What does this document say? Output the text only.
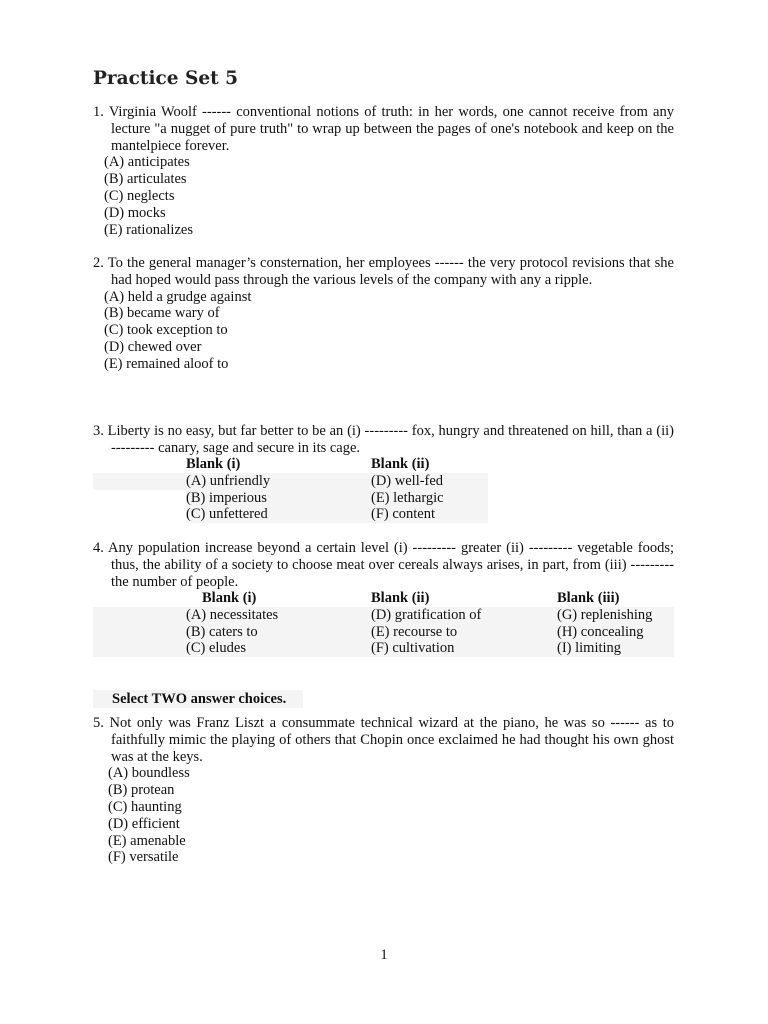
Practice Set 5
1. Virginia Woolf ------ conventional notions of truth: in her words, one cannot receive from any lecture "a nugget of pure truth" to wrap up between the pages of one's notebook and keep on the mantelpiece forever.
(A) anticipates
(B) articulates
(C) neglects
(D) mocks
(E) rationalizes
2. To the general manager’s consternation, her employees ------ the very protocol revisions that she had hoped would pass through the various levels of the company with any a ripple.
(A) held a grudge against
(B) became wary of
(C) took exception to
(D) chewed over
(E) remained aloof to
3. Liberty is no easy, but far better to be an (i) --------- fox, hungry and threatened on hill, than a (ii) --------- canary, sage and secure in its cage.
	Blank (i)	Blank (ii)
	(A) unfriendly	(D) well-fed
	(B) imperious	(E) lethargic
	(C) unfettered	(F) content
4. Any population increase beyond a certain level (i) --------- greater (ii) --------- vegetable foods; thus, the ability of a society to choose meat over cereals always arises, in part, from (iii) --------- the number of people.
	Blank (i)	Blank (ii)	Blank (iii)
	(A) necessitates	(D) gratification of	(G) replenishing
	(B) caters to	(E) recourse to	(H) concealing
	(C) eludes	(F) cultivation	(I) limiting
Select TWO answer choices.
5. Not only was Franz Liszt a consummate technical wizard at the piano, he was so ------ as to faithfully mimic the playing of others that Chopin once exclaimed he had thought his own ghost was at the keys.
(A) boundless
(B) protean
(C) haunting
(D) efficient
(E) amenable
(F) versatile
1
